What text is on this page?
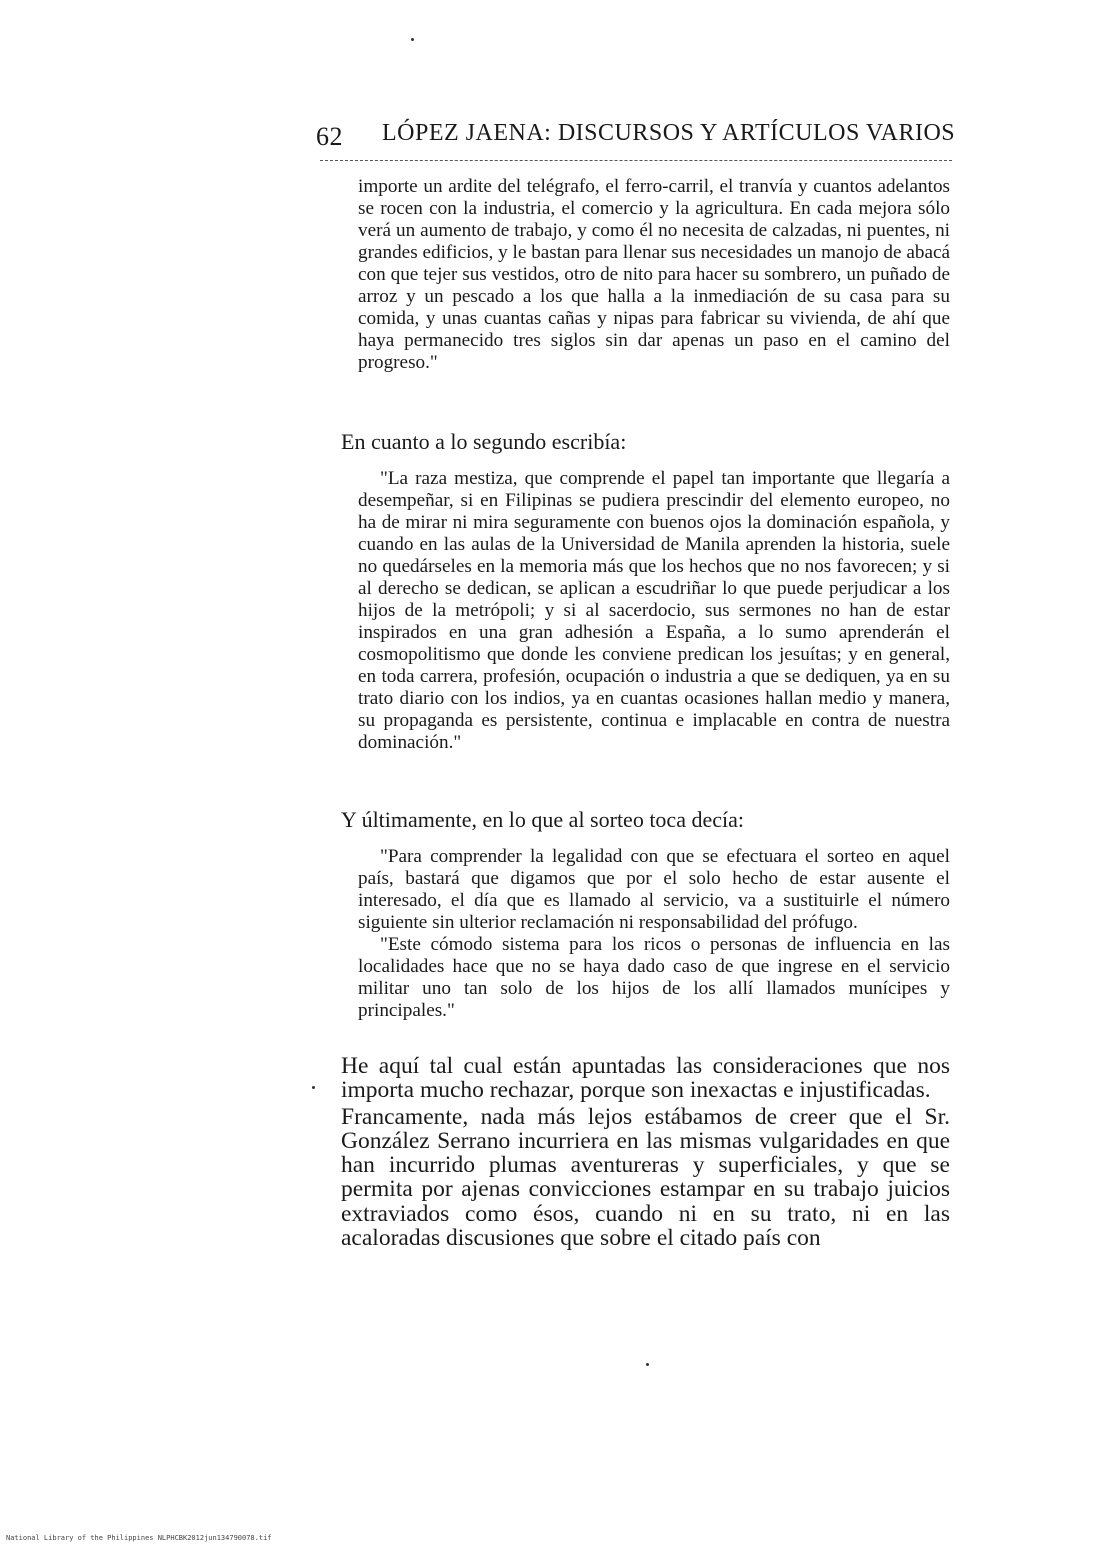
62 LÓPEZ JAENA: DISCURSOS Y ARTÍCULOS VARIOS

importe un ardite del telégrafo, el ferro-carril, el tranvía y cuantos adelantos se rocen con la industria, el comercio y la agricultura. En cada mejora sólo verá un aumento de trabajo, y como él no necesita de calzadas, ni puentes, ni grandes edificios, y le bastan para llenar sus necesidades un manojo de abacá con que tejer sus vestidos, otro de nito para hacer su sombrero, un puñado de arroz y un pescado a los que halla a la inmediación de su casa para su comida, y unas cuantas cañas y nipas para fabricar su vivienda, de ahí que haya permanecido tres siglos sin dar apenas un paso en el camino del progreso."

En cuanto a lo segundo escribía:

"La raza mestiza, que comprende el papel tan importante que llegaría a desempeñar, si en Filipinas se pudiera prescindir del elemento europeo, no ha de mirar ni mira seguramente con buenos ojos la dominación española, y cuando en las aulas de la Universidad de Manila aprenden la historia, suele no quedárseles en la memoria más que los hechos que no nos favorecen; y si al derecho se dedican, se aplican a escudriñar lo que puede perjudicar a los hijos de la metrópoli; y si al sacerdocio, sus sermones no han de estar inspirados en una gran adhesión a España, a lo sumo aprenderán el cosmopolitismo que donde les conviene predican los jesuítas; y en general, en toda carrera, profesión, ocupación o industria a que se dediquen, ya en su trato diario con los indios, ya en cuantas ocasiones hallan medio y manera, su propaganda es persistente, continua e implacable en contra de nuestra dominación."

Y últimamente, en lo que al sorteo toca decía:

"Para comprender la legalidad con que se efectuara el sorteo en aquel país, bastará que digamos que por el solo hecho de estar ausente el interesado, el día que es llamado al servicio, va a sustituirle el número siguiente sin ulterior reclamación ni responsabilidad del prófugo.

"Este cómodo sistema para los ricos o personas de influencia en las localidades hace que no se haya dado caso de que ingrese en el servicio militar uno tan solo de los hijos de los allí llamados munícipes y principales."

He aquí tal cual están apuntadas las consideraciones que nos importa mucho rechazar, porque son inexactas e injustificadas.

Francamente, nada más lejos estábamos de creer que el Sr. González Serrano incurriera en las mismas vulgaridades en que han incurrido plumas aventureras y superficiales, y que se permita por ajenas convicciones estampar en su trabajo juicios extraviados como ésos, cuando ni en su trato, ni en las acaloradas discusiones que sobre el citado país con

National Library of the Philippines NLPHCBK2012jun134790078.tif
